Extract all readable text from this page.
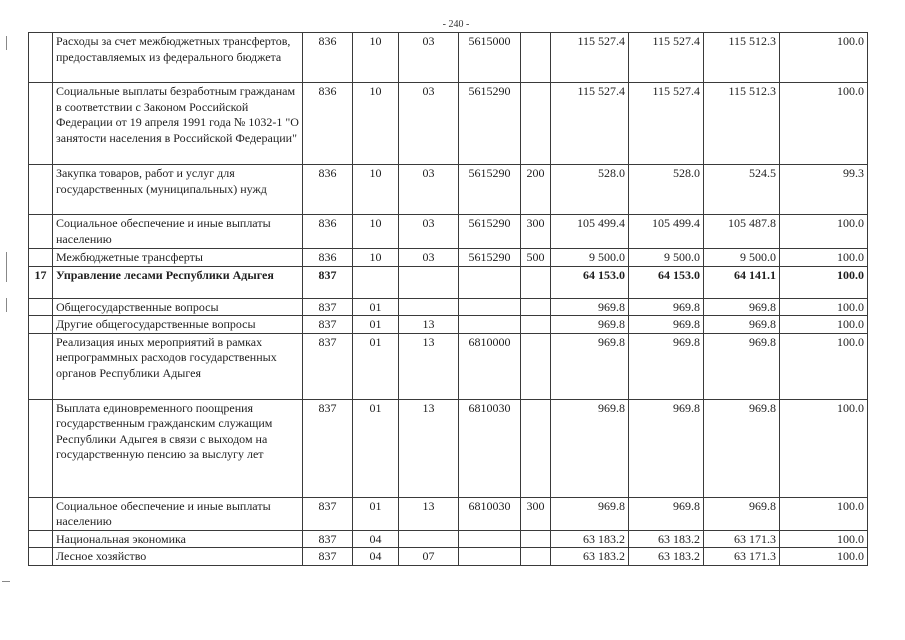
- 240 -
	Расходы за счет межбюджетных трансфертов, предоставляемых из федерального бюджета	836	10	03	5615000		115 527.4	115 527.4	115 512.3	100.0
	Социальные выплаты безработным гражданам в соответствии с Законом Российской Федерации от 19 апреля 1991 года № 1032-1 "О занятости населения в Российской Федерации"	836	10	03	5615290		115 527.4	115 527.4	115 512.3	100.0
	Закупка товаров, работ и услуг для государственных (муниципальных) нужд	836	10	03	5615290	200	528.0	528.0	524.5	99.3
	Социальное обеспечение и иные выплаты населению	836	10	03	5615290	300	105 499.4	105 499.4	105 487.8	100.0
	Межбюджетные трансферты	836	10	03	5615290	500	9 500.0	9 500.0	9 500.0	100.0
17	Управление лесами Республики Адыгея	837					64 153.0	64 153.0	64 141.1	100.0
	Общегосударственные вопросы	837	01				969.8	969.8	969.8	100.0
	Другие общегосударственные вопросы	837	01	13			969.8	969.8	969.8	100.0
	Реализация иных мероприятий в рамках непрограммных расходов государственных органов Республики Адыгея	837	01	13	6810000		969.8	969.8	969.8	100.0
	Выплата единовременного поощрения государственным гражданским служащим Республики Адыгея в связи с выходом на государственную пенсию за выслугу лет	837	01	13	6810030		969.8	969.8	969.8	100.0
	Социальное обеспечение и иные выплаты населению	837	01	13	6810030	300	969.8	969.8	969.8	100.0
	Национальная экономика	837	04				63 183.2	63 183.2	63 171.3	100.0
	Лесное хозяйство	837	04	07			63 183.2	63 183.2	63 171.3	100.0
